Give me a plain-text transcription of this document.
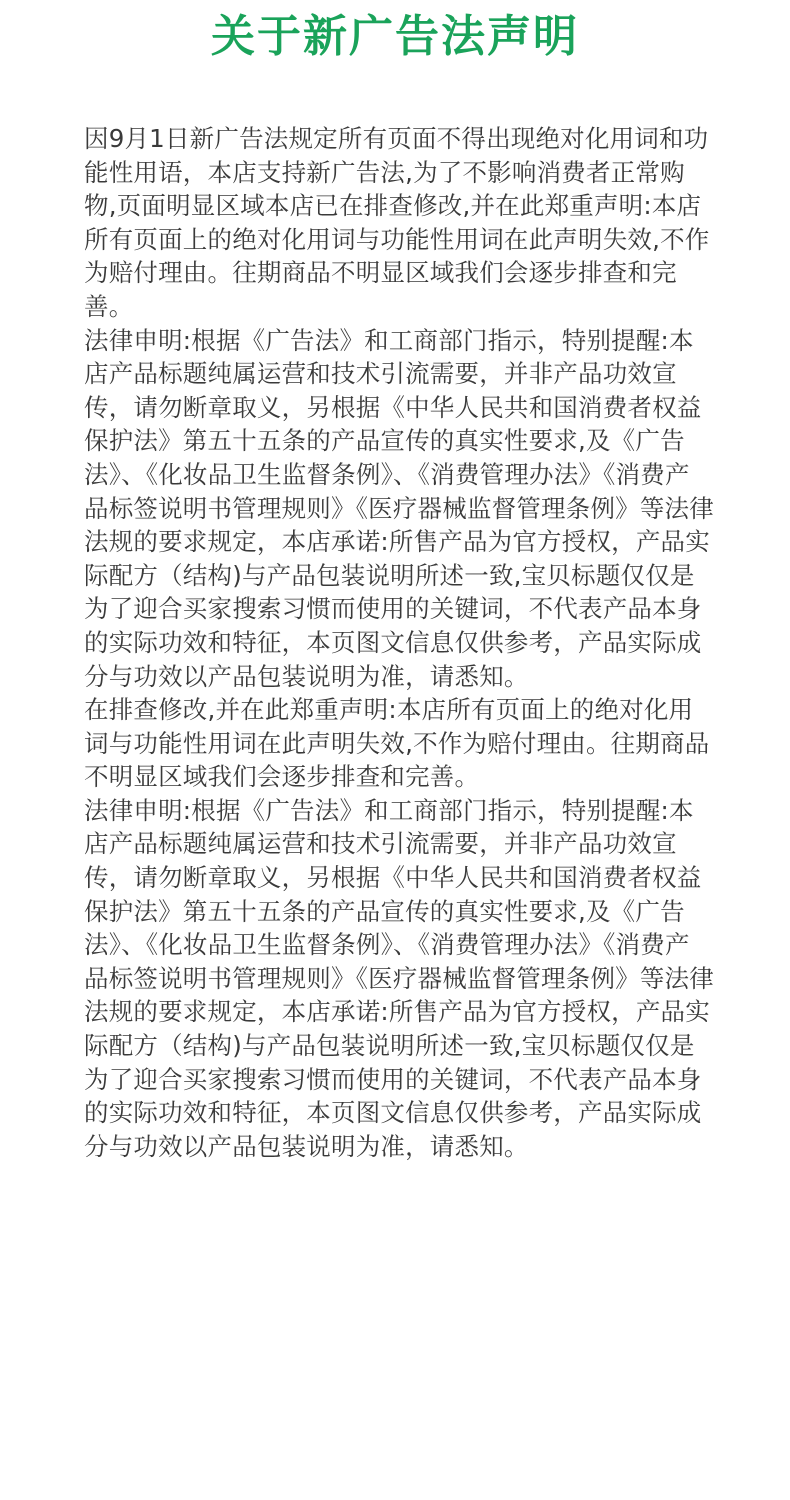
关于新广告法声明

因9月1日新广告法规定所有页面不得出现绝对化用词和功能性用语，本店支持新广告法,为了不影响消费者正常购物,页面明显区域本店已在排查修改,并在此郑重声明:本店所有页面上的绝对化用词与功能性用词在此声明失效,不作为赔付理由。往期商品不明显区域我们会逐步排查和完善。

法律申明:根据《广告法》和工商部门指示，特别提醒:本店产品标题纯属运营和技术引流需要，并非产品功效宣传，请勿断章取义，另根据《中华人民共和国消费者权益保护法》第五十五条的产品宣传的真实性要求,及《广告法》、《化妆品卫生监督条例》、《消费管理办法》《消费产品标签说明书管理规则》《医疗器械监督管理条例》等法律法规的要求规定，本店承诺:所售产品为官方授权，产品实际配方（结构)与产品包装说明所述一致,宝贝标题仅仅是为了迎合买家搜索习惯而使用的关键词，不代表产品本身的实际功效和特征，本页图文信息仅供参考，产品实际成分与功效以产品包装说明为准，请悉知。

在排查修改,并在此郑重声明:本店所有页面上的绝对化用词与功能性用词在此声明失效,不作为赔付理由。往期商品不明显区域我们会逐步排查和完善。

法律申明:根据《广告法》和工商部门指示，特别提醒:本店产品标题纯属运营和技术引流需要，并非产品功效宣传，请勿断章取义，另根据《中华人民共和国消费者权益保护法》第五十五条的产品宣传的真实性要求,及《广告法》、《化妆品卫生监督条例》、《消费管理办法》《消费产品标签说明书管理规则》《医疗器械监督管理条例》等法律法规的要求规定，本店承诺:所售产品为官方授权，产品实际配方（结构)与产品包装说明所述一致,宝贝标题仅仅是为了迎合买家搜索习惯而使用的关键词，不代表产品本身的实际功效和特征，本页图文信息仅供参考，产品实际成分与功效以产品包装说明为准，请悉知。
